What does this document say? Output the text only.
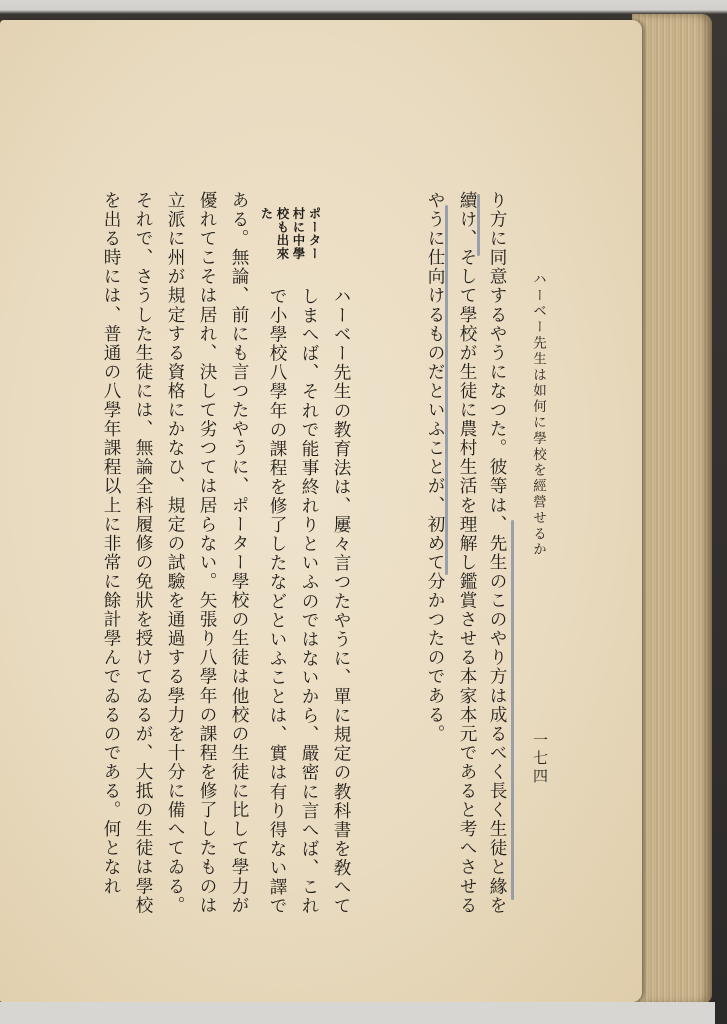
ハーベー先生は如何に學校を經營せるか
一七四
ポーター
村に中學
校も出來
た	り方に同意するやうになつた。彼等は、先生のこのやり方は成るべく長く生徒と緣を
續け、そして學校が生徒に農村生活を理解し鑑賞させる本家本元であると考へさせる
やうに仕向けるものだといふことが、初めて分かつたのである。
ハーベー先生の教育法は、屢々言つたやうに、單に規定の教科書を敎へて
しまへば、それで能事終れりといふのではないから、嚴密に言へば、これ
で小學校八學年の課程を修了したなどといふことは、實は有り得ない譯で
ある。無論、前にも言つたやうに、ポーター學校の生徒は他校の生徒に比して學力が
優れてこそは居れ、決して劣つては居らない。矢張り八學年の課程を修了したものは
立派に州が規定する資格にかなひ、規定の試驗を通過する學力を十分に備へてゐる。
それで、さうした生徒には、無論全科履修の免狀を授けてゐるが、大抵の生徒は學校
を出る時には、普通の八學年課程以上に非常に餘計學んでゐるのである。何となれ
